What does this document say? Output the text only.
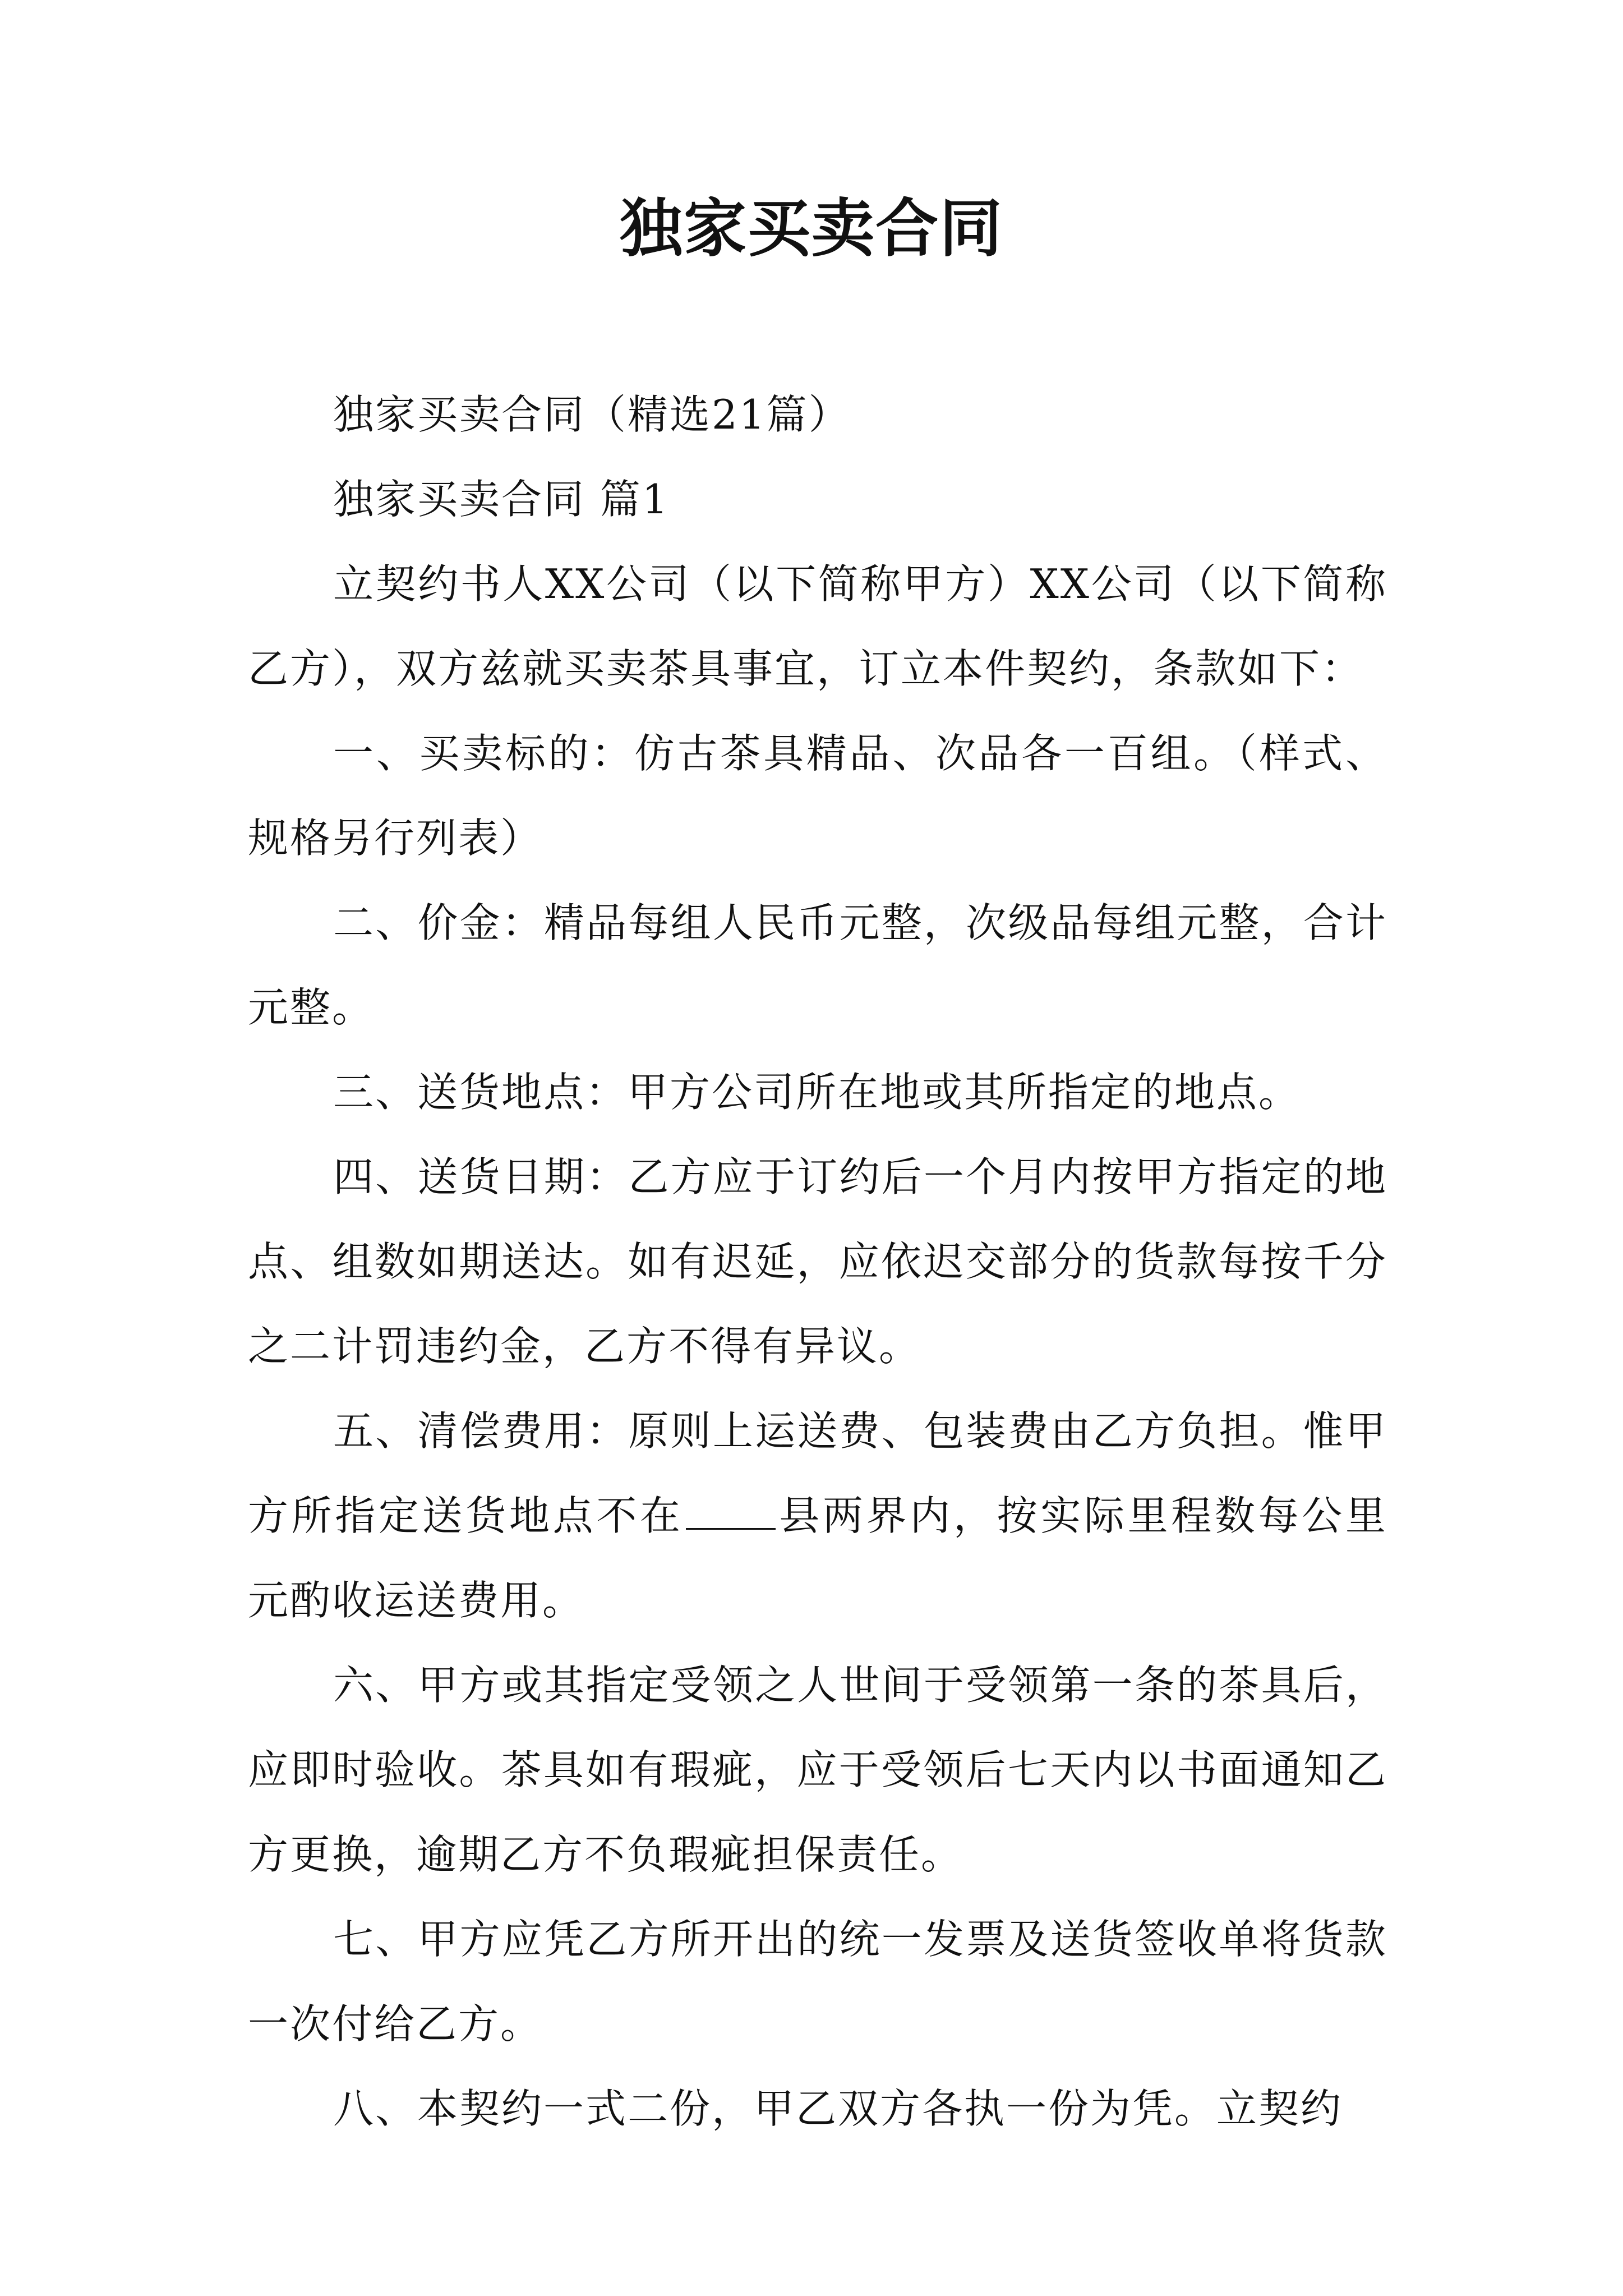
独家买卖合同

独家买卖合同（精选21篇）

独家买卖合同 篇1

立契约书人XX公司（以下简称甲方）XX公司（以下简称乙方），双方兹就买卖茶具事宜，订立本件契约，条款如下：

一、买卖标的：仿古茶具精品、次品各一百组。（样式、规格另行列表）

二、价金：精品每组人民币元整，次级品每组元整，合计元整。

三、送货地点：甲方公司所在地或其所指定的地点。

四、送货日期：乙方应于订约后一个月内按甲方指定的地点、组数如期送达。如有迟延，应依迟交部分的货款每按千分之二计罚违约金，乙方不得有异议。

五、清偿费用：原则上运送费、包装费由乙方负担。惟甲方所指定送货地点不在 县两界内，按实际里程数每公里元酌收运送费用。

六、甲方或其指定受领之人世间于受领第一条的茶具后，应即时验收。茶具如有瑕疵，应于受领后七天内以书面通知乙方更换，逾期乙方不负瑕疵担保责任。

七、甲方应凭乙方所开出的统一发票及送货签收单将货款一次付给乙方。

八、本契约一式二份，甲乙双方各执一份为凭。立契约
